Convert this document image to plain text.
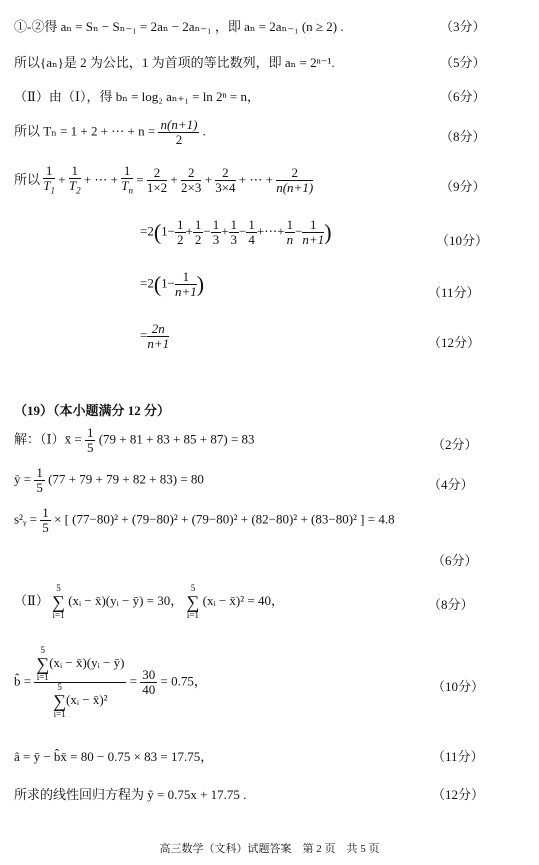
①-②得 aₙ = Sₙ − Sₙ₋₁ = 2aₙ − 2aₙ₋₁ ，即 aₙ = 2aₙ₋₁ (n ≥ 2) .	（3分）
所以{aₙ}是 2 为公比，1 为首项的等比数列，即 aₙ = 2ⁿ⁻¹.	（5分）
（Ⅱ）由（Ⅰ），得 bₙ = log₂ aₙ₊₁ = ln 2ⁿ = n，	（6分）
所以 Tₙ = 1 + 2 + ⋯ + $n = \frac{n(n+1)}{2}$ .	（8分）
所以 $\frac{1}{T_1} + \frac{1}{T_2}$ + ⋯ + $\frac{1}{T_n} = \frac{2}{1\times 2} + \frac{2}{2\times 3} + \frac{2}{3\times 4}$ + ⋯ + $\frac{2}{n(n+1)}$	（9分）
$=2(1- \frac{1}{2} + \frac{1}{2} - \frac{1}{3} + \frac{1}{3} - \frac{1}{4}$ +⋯+ $\frac{1}{n} - \frac{1}{n+1}$ )	（10分）
$=2(1- \frac{1}{n+1}$ )	（11分）
= $\frac{2n}{n+1}$	（12分）
（19）（本小题满分 12 分）
解：（Ⅰ）x̄ = $\frac{1}{5} (79 + 81 + 83 + 85 + 87) = 83$	（2分）
ȳ = $\frac{1}{5} (77 + 79 + 79 + 82 + 83) = 80$	（4分）
s²ᵧ = $\frac{1}{5}$ × [ (77−80)² + (79−80)² + (79−80)² + (82−80)² + (83−80)² ] = 4.8
（6分）
（Ⅱ） 5
∑
i=1 (xᵢ − x̄)(yᵢ − ȳ) = 30， 5
∑
i=1 (xᵢ − x̄)² = 40，	（8分）
b̂ = 5
∑
i=1(xᵢ − x̄)(yᵢ − ȳ)
5
∑
i=1(xᵢ − x̄)² = $\frac{30}{40} = 0.75$，	（10分）
â = ȳ − b̂x̄ = 80 − 0.75 × 83 = 17.75，	（11分）
所求的线性回归方程为 ŷ = 0.75x + 17.75 .	（12分）
高三数学（文科）试题答案　第 2 页　共 5 页
